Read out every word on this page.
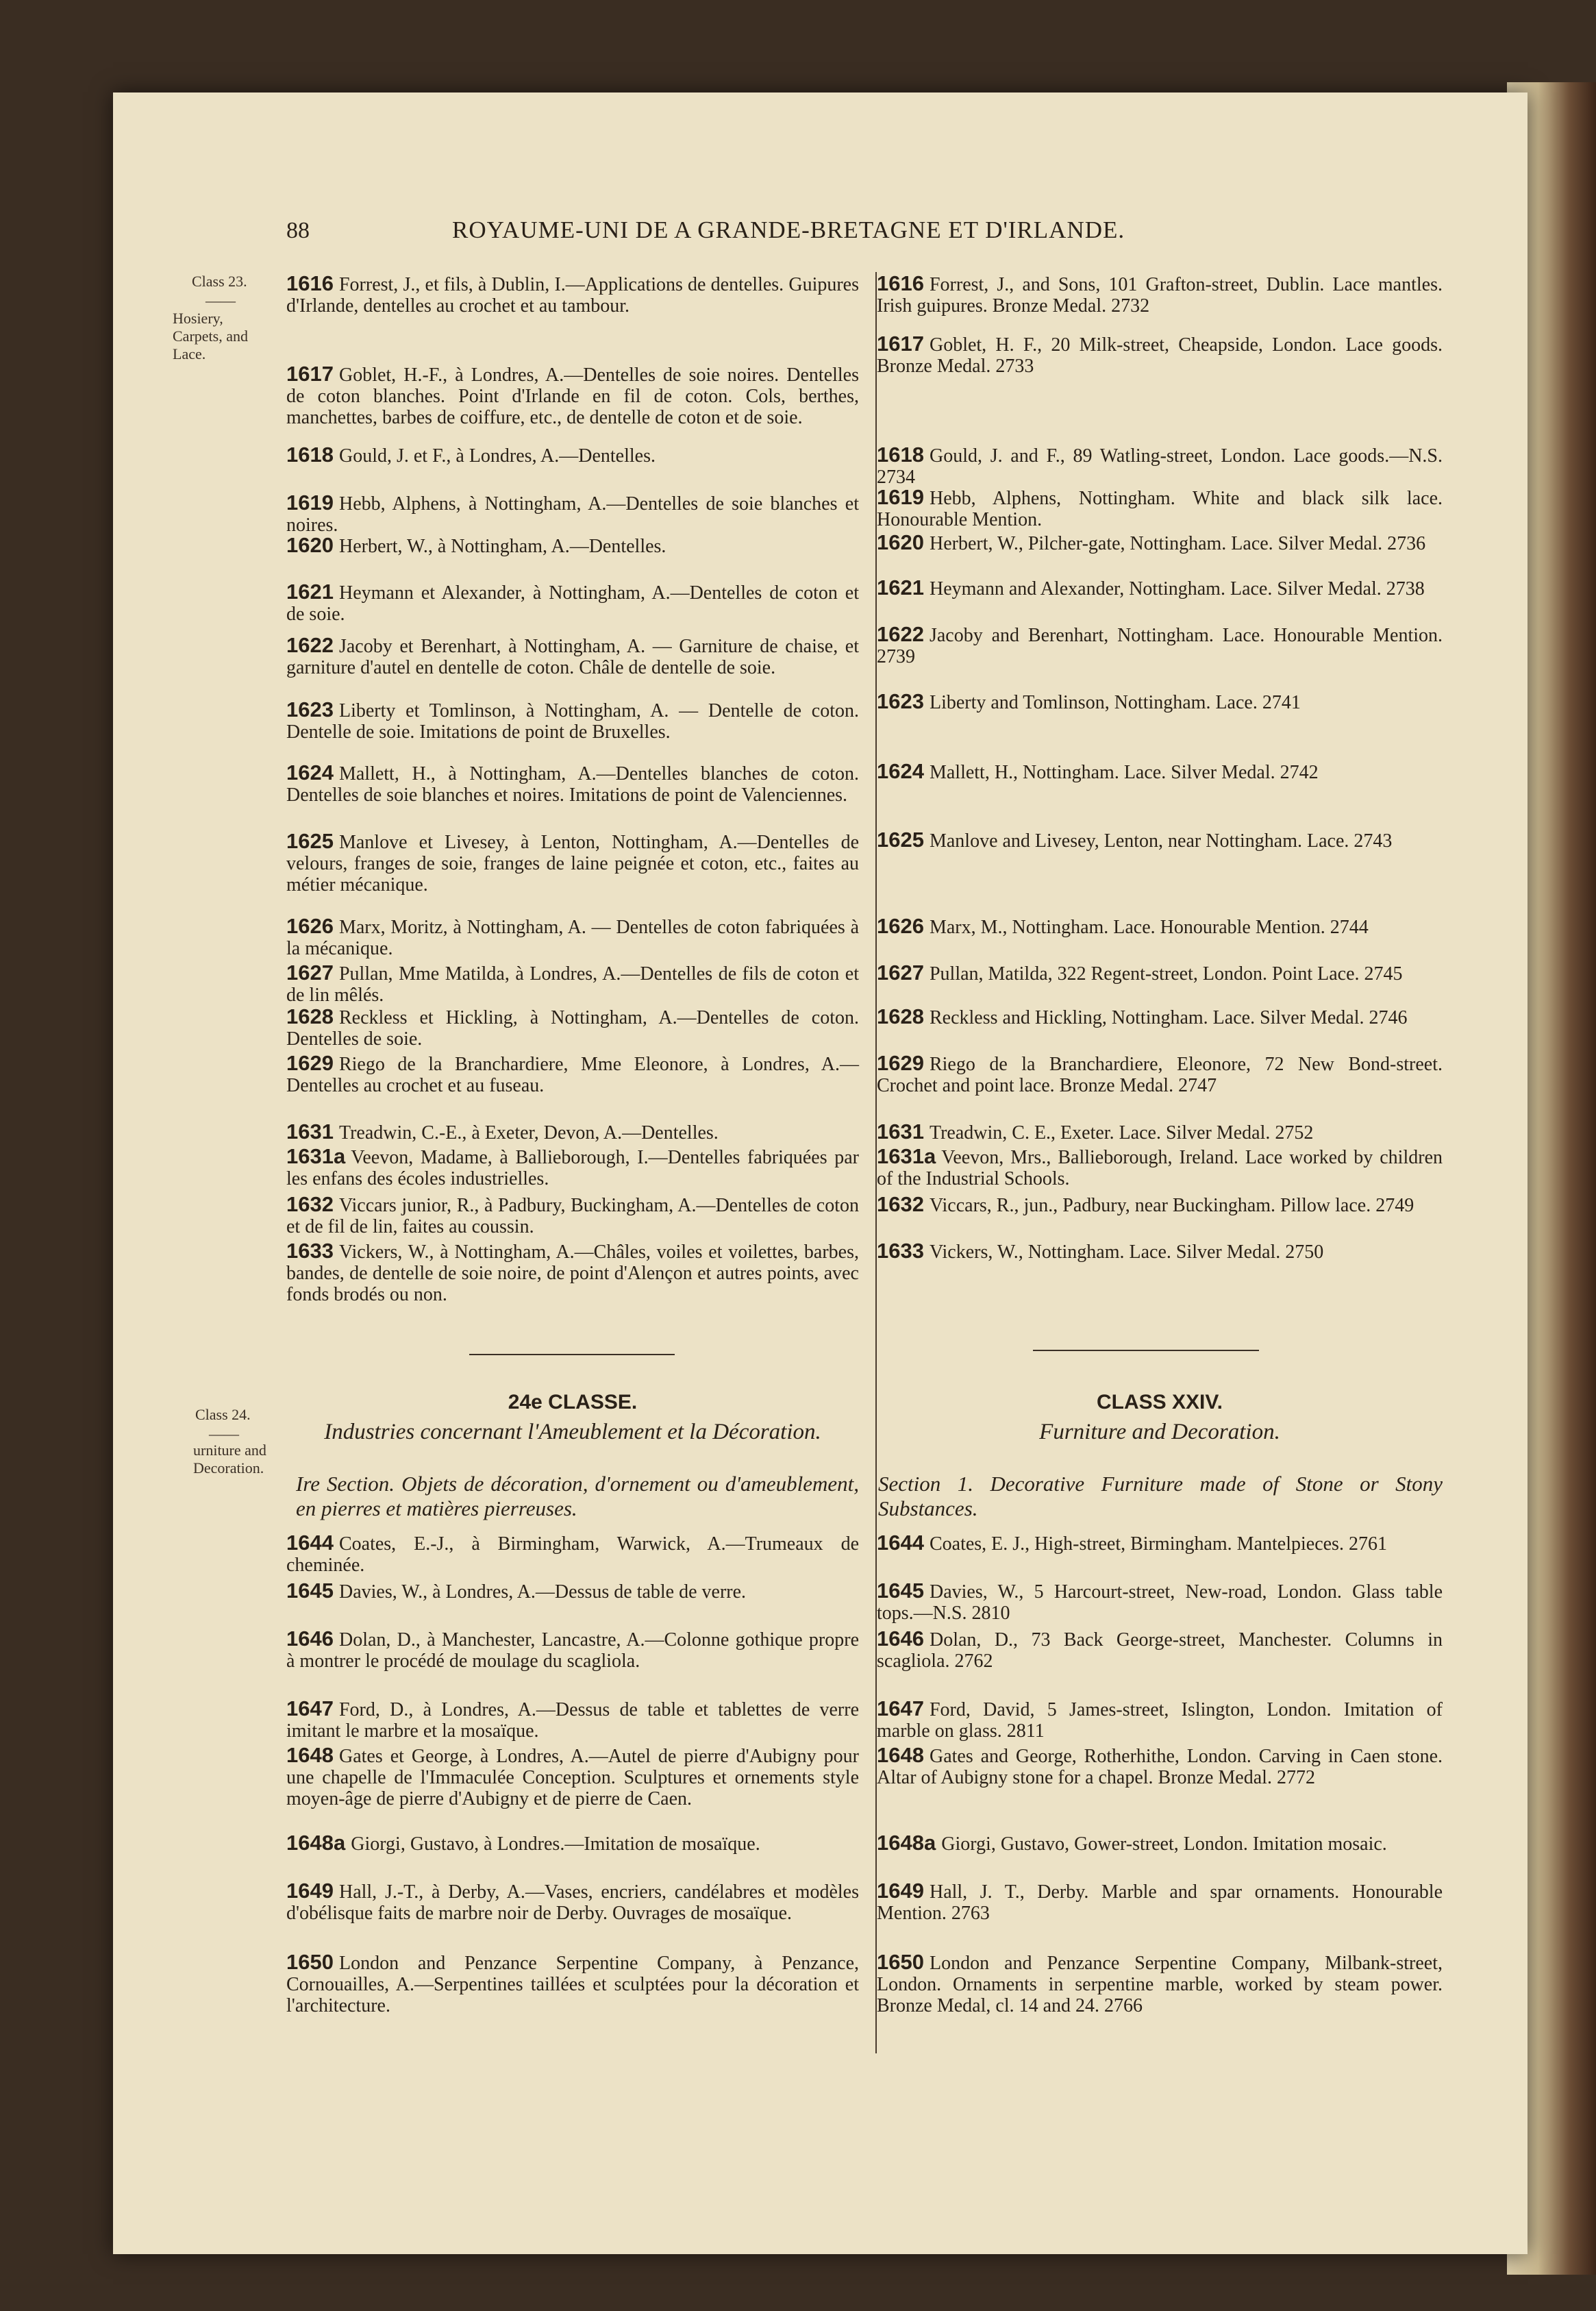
88	ROYAUME-UNI DE A GRANDE-BRETAGNE ET D'IRLANDE.
Class 23.
——
Hosiery, Carpets, and Lace.
Class 24.
——
urniture and Decoration.
1616 Forrest, J., et fils, à Dublin, I.—Applications de dentelles. Guipures d'Irlande, dentelles au crochet et au tambour.
1617 Goblet, H.-F., à Londres, A.—Dentelles de soie noires. Dentelles de coton blanches. Point d'Irlande en fil de coton. Cols, berthes, manchettes, barbes de coiffure, etc., de dentelle de coton et de soie.
1618 Gould, J. et F., à Londres, A.—Dentelles.
1619 Hebb, Alphens, à Nottingham, A.—Dentelles de soie blanches et noires.
1620 Herbert, W., à Nottingham, A.—Dentelles.
1621 Heymann et Alexander, à Nottingham, A.—Dentelles de coton et de soie.
1622 Jacoby et Berenhart, à Nottingham, A. — Garniture de chaise, et garniture d'autel en dentelle de coton. Châle de dentelle de soie.
1623 Liberty et Tomlinson, à Nottingham, A. — Dentelle de coton. Dentelle de soie. Imitations de point de Bruxelles.
1624 Mallett, H., à Nottingham, A.—Dentelles blanches de coton. Dentelles de soie blanches et noires. Imitations de point de Valenciennes.
1625 Manlove et Livesey, à Lenton, Nottingham, A.—Dentelles de velours, franges de soie, franges de laine peignée et coton, etc., faites au métier mécanique.
1626 Marx, Moritz, à Nottingham, A. — Dentelles de coton fabriquées à la mécanique.
1627 Pullan, Mme Matilda, à Londres, A.—Dentelles de fils de coton et de lin mêlés.
1628 Reckless et Hickling, à Nottingham, A.—Dentelles de coton. Dentelles de soie.
1629 Riego de la Branchardiere, Mme Eleonore, à Londres, A.—Dentelles au crochet et au fuseau.
1631 Treadwin, C.-E., à Exeter, Devon, A.—Dentelles.
1631a Veevon, Madame, à Ballieborough, I.—Dentelles fabriquées par les enfans des écoles industrielles.
1632 Viccars junior, R., à Padbury, Buckingham, A.—Dentelles de coton et de fil de lin, faites au coussin.
1633 Vickers, W., à Nottingham, A.—Châles, voiles et voilettes, barbes, bandes, de dentelle de soie noire, de point d'Alençon et autres points, avec fonds brodés ou non.
1616 Forrest, J., and Sons, 101 Grafton-street, Dublin. Lace mantles. Irish guipures. Bronze Medal. 2732
1617 Goblet, H. F., 20 Milk-street, Cheapside, London. Lace goods. Bronze Medal. 2733
1618 Gould, J. and F., 89 Watling-street, London. Lace goods.—N.S. 2734
1619 Hebb, Alphens, Nottingham. White and black silk lace. Honourable Mention.
1620 Herbert, W., Pilcher-gate, Nottingham. Lace. Silver Medal. 2736
1621 Heymann and Alexander, Nottingham. Lace. Silver Medal. 2738
1622 Jacoby and Berenhart, Nottingham. Lace. Honourable Mention. 2739
1623 Liberty and Tomlinson, Nottingham. Lace. 2741
1624 Mallett, H., Nottingham. Lace. Silver Medal. 2742
1625 Manlove and Livesey, Lenton, near Nottingham. Lace. 2743
1626 Marx, M., Nottingham. Lace. Honourable Mention. 2744
1627 Pullan, Matilda, 322 Regent-street, London. Point Lace. 2745
1628 Reckless and Hickling, Nottingham. Lace. Silver Medal. 2746
1629 Riego de la Branchardiere, Eleonore, 72 New Bond-street. Crochet and point lace. Bronze Medal. 2747
1631 Treadwin, C. E., Exeter. Lace. Silver Medal. 2752
1631a Veevon, Mrs., Ballieborough, Ireland. Lace worked by children of the Industrial Schools.
1632 Viccars, R., jun., Padbury, near Buckingham. Pillow lace. 2749
1633 Vickers, W., Nottingham. Lace. Silver Medal. 2750
24e CLASSE.
Industries concernant l'Ameublement et la Décoration.
CLASS XXIV.
Furniture and Decoration.
Ire Section. Objets de décoration, d'ornement ou d'ameublement, en pierres et matières pierreuses.
Section 1. Decorative Furniture made of Stone or Stony Substances.
1644 Coates, E.-J., à Birmingham, Warwick, A.—Trumeaux de cheminée.
1645 Davies, W., à Londres, A.—Dessus de table de verre.
1646 Dolan, D., à Manchester, Lancastre, A.—Colonne gothique propre à montrer le procédé de moulage du scagliola.
1647 Ford, D., à Londres, A.—Dessus de table et tablettes de verre imitant le marbre et la mosaïque.
1648 Gates et George, à Londres, A.—Autel de pierre d'Aubigny pour une chapelle de l'Immaculée Conception. Sculptures et ornements style moyen-âge de pierre d'Aubigny et de pierre de Caen.
1648a Giorgi, Gustavo, à Londres.—Imitation de mosaïque.
1649 Hall, J.-T., à Derby, A.—Vases, encriers, candélabres et modèles d'obélisque faits de marbre noir de Derby. Ouvrages de mosaïque.
1650 London and Penzance Serpentine Company, à Penzance, Cornouailles, A.—Serpentines taillées et sculptées pour la décoration et l'architecture.
1644 Coates, E. J., High-street, Birmingham. Mantelpieces. 2761
1645 Davies, W., 5 Harcourt-street, New-road, London. Glass table tops.—N.S. 2810
1646 Dolan, D., 73 Back George-street, Manchester. Columns in scagliola. 2762
1647 Ford, David, 5 James-street, Islington, London. Imitation of marble on glass. 2811
1648 Gates and George, Rotherhithe, London. Carving in Caen stone. Altar of Aubigny stone for a chapel. Bronze Medal. 2772
1648a Giorgi, Gustavo, Gower-street, London. Imitation mosaic.
1649 Hall, J. T., Derby. Marble and spar ornaments. Honourable Mention. 2763
1650 London and Penzance Serpentine Company, Milbank-street, London. Ornaments in serpentine marble, worked by steam power. Bronze Medal, cl. 14 and 24. 2766
